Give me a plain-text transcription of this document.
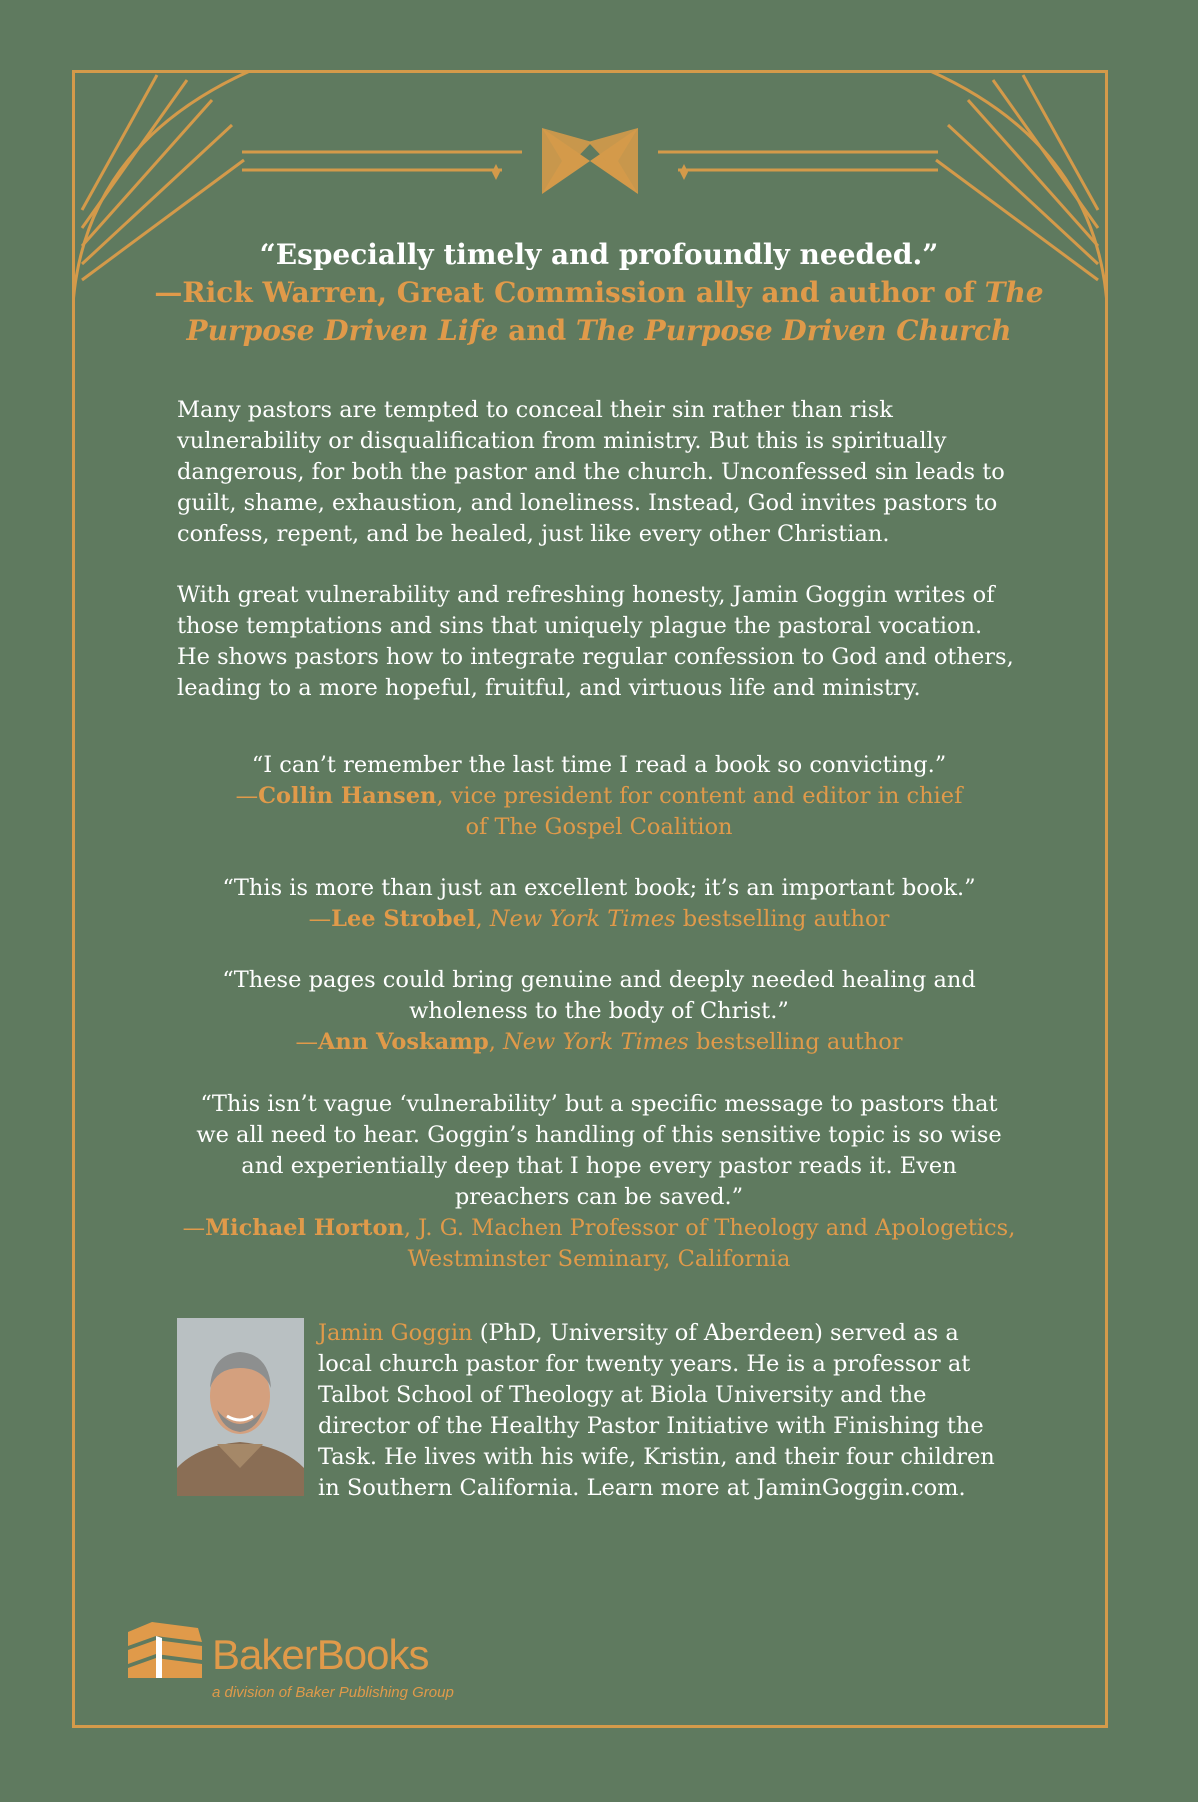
“Especially timely and profoundly needed.”
—Rick Warren, Great Commission ally and author of The Purpose Driven Life and The Purpose Driven Church

Many pastors are tempted to conceal their sin rather than risk vulnerability or disqualification from ministry. But this is spiritually dangerous, for both the pastor and the church. Unconfessed sin leads to guilt, shame, exhaustion, and loneliness. Instead, God invites pastors to confess, repent, and be healed, just like every other Christian.

With great vulnerability and refreshing honesty, Jamin Goggin writes of those temptations and sins that uniquely plague the pastoral vocation. He shows pastors how to integrate regular confession to God and others, leading to a more hopeful, fruitful, and virtuous life and ministry.

“I can’t remember the last time I read a book so convicting.”
—Collin Hansen, vice president for content and editor in chief
of The Gospel Coalition
“This is more than just an excellent book; it’s an important book.”
—Lee Strobel, New York Times bestselling author
“These pages could bring genuine and deeply needed healing and
wholeness to the body of Christ.”
—Ann Voskamp, New York Times bestselling author
“This isn’t vague ‘vulnerability’ but a specific message to pastors that
we all need to hear. Goggin’s handling of this sensitive topic is so wise
and experientially deep that I hope every pastor reads it. Even
preachers can be saved.”
—Michael Horton, J. G. Machen Professor of Theology and Apologetics,
Westminster Seminary, California

Jamin Goggin (PhD, University of Aberdeen) served as a local church pastor for twenty years. He is a professor at Talbot School of Theology at Biola University and the director of the Healthy Pastor Initiative with Finishing the Task. He lives with his wife, Kristin, and their four children in Southern California. Learn more at JaminGoggin.com.

BakerBooks
a division of Baker Publishing Group
